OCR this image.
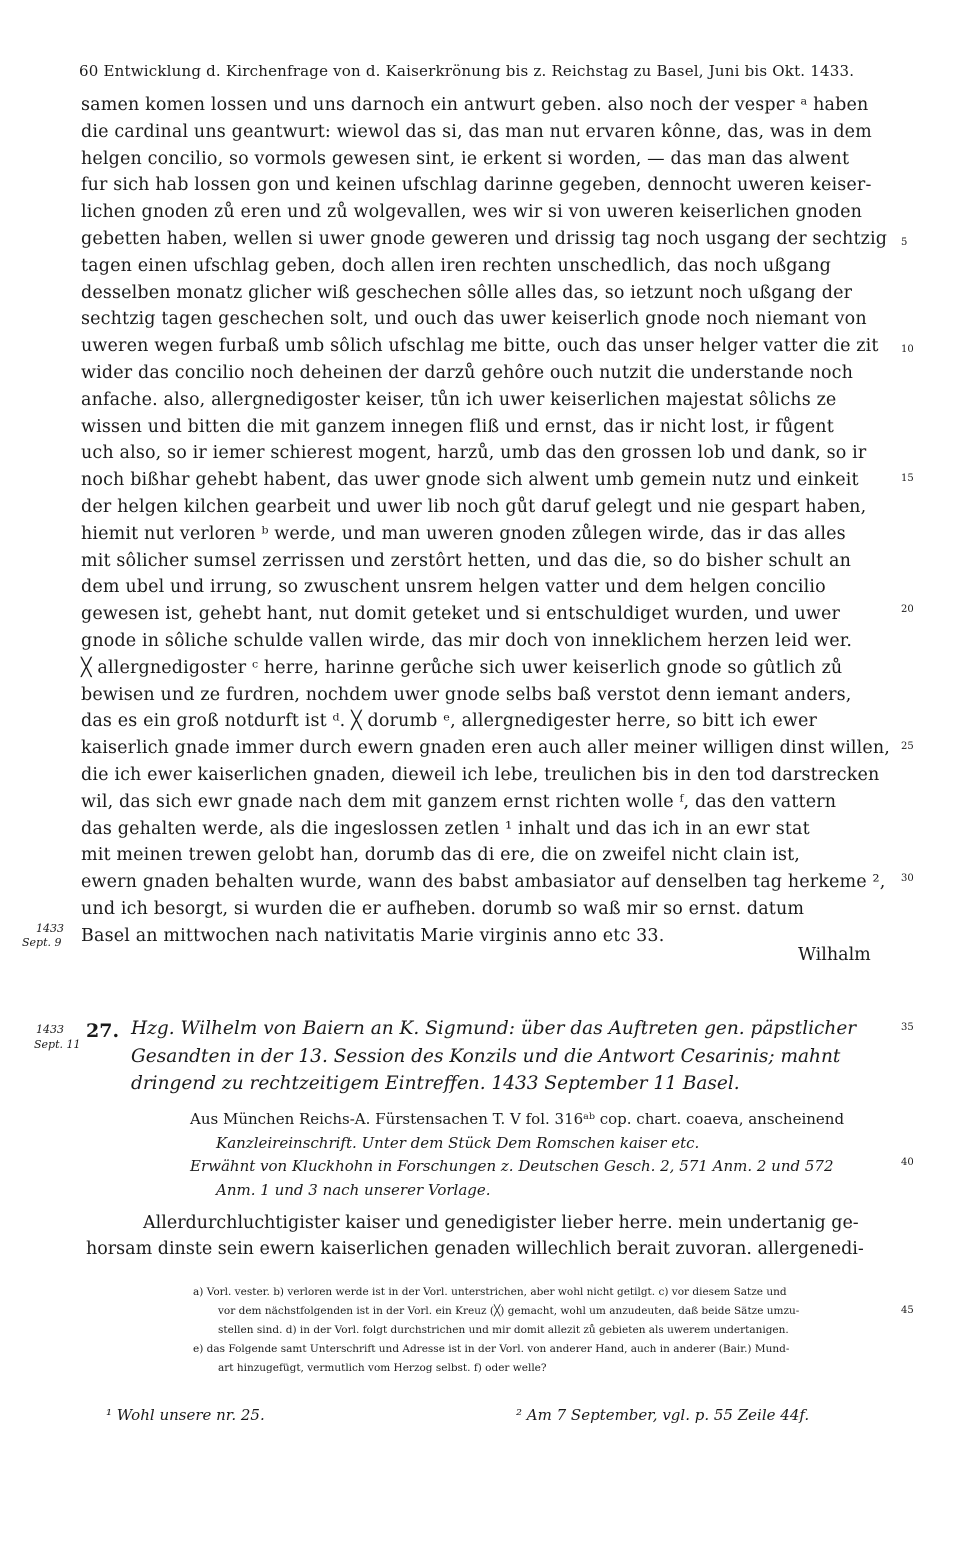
60 Entwicklung d. Kirchenfrage von d. Kaiserkrönung bis z. Reichstag zu Basel, Juni bis Okt. 1433.
samen komen lossen und uns darnoch ein antwurt geben. also noch der vesper ᵃ haben
die cardinal uns geantwurt: wiewol das si, das man nut ervaren kônne, das, was in dem
helgen concilio, so vormols gewesen sint, ie erkent si worden, — das man das alwent
fur sich hab lossen gon und keinen ufschlag darinne gegeben, dennocht uweren keiser-
lichen gnoden zů eren und zů wolgevallen, wes wir si von uweren keiserlichen gnoden
gebetten haben, wellen si uwer gnode geweren und drissig tag noch usgang der sechtzig
tagen einen ufschlag geben, doch allen iren rechten unschedlich, das noch ußgang
desselben monatz glicher wiß geschechen sôlle alles das, so ietzunt noch ußgang der
sechtzig tagen geschechen solt, und ouch das uwer keiserlich gnode noch niemant von
uweren wegen furbaß umb sôlich ufschlag me bitte, ouch das unser helger vatter die zit
wider das concilio noch deheinen der darzů gehôre ouch nutzit die understande noch
anfache. also, allergnedigoster keiser, tůn ich uwer keiserlichen majestat sôlichs ze
wissen und bitten die mit ganzem innegen fliß und ernst, das ir nicht lost, ir fůgent
uch also, so ir iemer schierest mogent, harzů, umb das den grossen lob und dank, so ir
noch bißhar gehebt habent, das uwer gnode sich alwent umb gemein nutz und einkeit
der helgen kilchen gearbeit und uwer lib noch gůt daruf gelegt und nie gespart haben,
hiemit nut verloren ᵇ werde, und man uweren gnoden zůlegen wirde, das ir das alles
mit sôlicher sumsel zerrissen und zerstôrt hetten, und das die, so do bisher schult an
dem ubel und irrung, so zwuschent unsrem helgen vatter und dem helgen concilio
gewesen ist, gehebt hant, nut domit geteket und si entschuldiget wurden, und uwer
gnode in sôliche schulde vallen wirde, das mir doch von inneklichem herzen leid wer.
╳ allergnedigoster ᶜ herre, harinne gerůche sich uwer keiserlich gnode so gûtlich zů
bewisen und ze furdren, nochdem uwer gnode selbs baß verstot denn iemant anders,
das es ein groß notdurft ist ᵈ. ╳ dorumb ᵉ, allergnedigester herre, so bitt ich ewer
kaiserlich gnade immer durch ewern gnaden eren auch aller meiner willigen dinst willen,
die ich ewer kaiserlichen gnaden, dieweil ich lebe, treulichen bis in den tod darstrecken
wil, das sich ewr gnade nach dem mit ganzem ernst richten wolle ᶠ, das den vattern
das gehalten werde, als die ingeslossen zetlen ¹ inhalt und das ich in an ewr stat
mit meinen trewen gelobt han, dorumb das di ere, die on zweifel nicht clain ist,
ewern gnaden behalten wurde, wann des babst ambasiator auf denselben tag herkeme ²,
und ich besorgt, si wurden die er aufheben. dorumb so waß mir so ernst. datum
Basel an mittwochen nach nativitatis Marie virginis anno etc 33.
5
10
15
20
25
30
35
40
45
1433
Sept. 9
Wilhalm
1433
Sept. 11
27. Hzg. Wilhelm von Baiern an K. Sigmund: über das Auftreten gen. päpstlicher
Gesandten in der 13. Session des Konzils und die Antwort Cesarinis; mahnt
dringend zu rechtzeitigem Eintreffen. 1433 September 11 Basel.
Aus München Reichs-A. Fürstensachen T. V fol. 316ᵃᵇ cop. chart. coaeva, anscheinend
Kanzleireinschrift. Unter dem Stück Dem Romschen kaiser etc.
Erwähnt von Kluckhohn in Forschungen z. Deutschen Gesch. 2, 571 Anm. 2 und 572
Anm. 1 und 3 nach unserer Vorlage.
Allerdurchluchtigister kaiser und genedigister lieber herre. mein undertanig ge-
horsam dinste sein ewern kaiserlichen genaden willechlich berait zuvoran. allergenedi-
a) Vorl. vester. b) verloren werde ist in der Vorl. unterstrichen, aber wohl nicht getilgt. c) vor diesem Satze und
vor dem nächstfolgenden ist in der Vorl. ein Kreuz (╳) gemacht, wohl um anzudeuten, daß beide Sätze umzu-
stellen sind. d) in der Vorl. folgt durchstrichen und mir domit allezit zů gebieten als uwerem undertanigen.
e) das Folgende samt Unterschrift und Adresse ist in der Vorl. von anderer Hand, auch in anderer (Bair.) Mund-
art hinzugefügt, vermutlich vom Herzog selbst. f) oder welle?
¹ Wohl unsere nr. 25.	² Am 7 September, vgl. p. 55 Zeile 44f.
